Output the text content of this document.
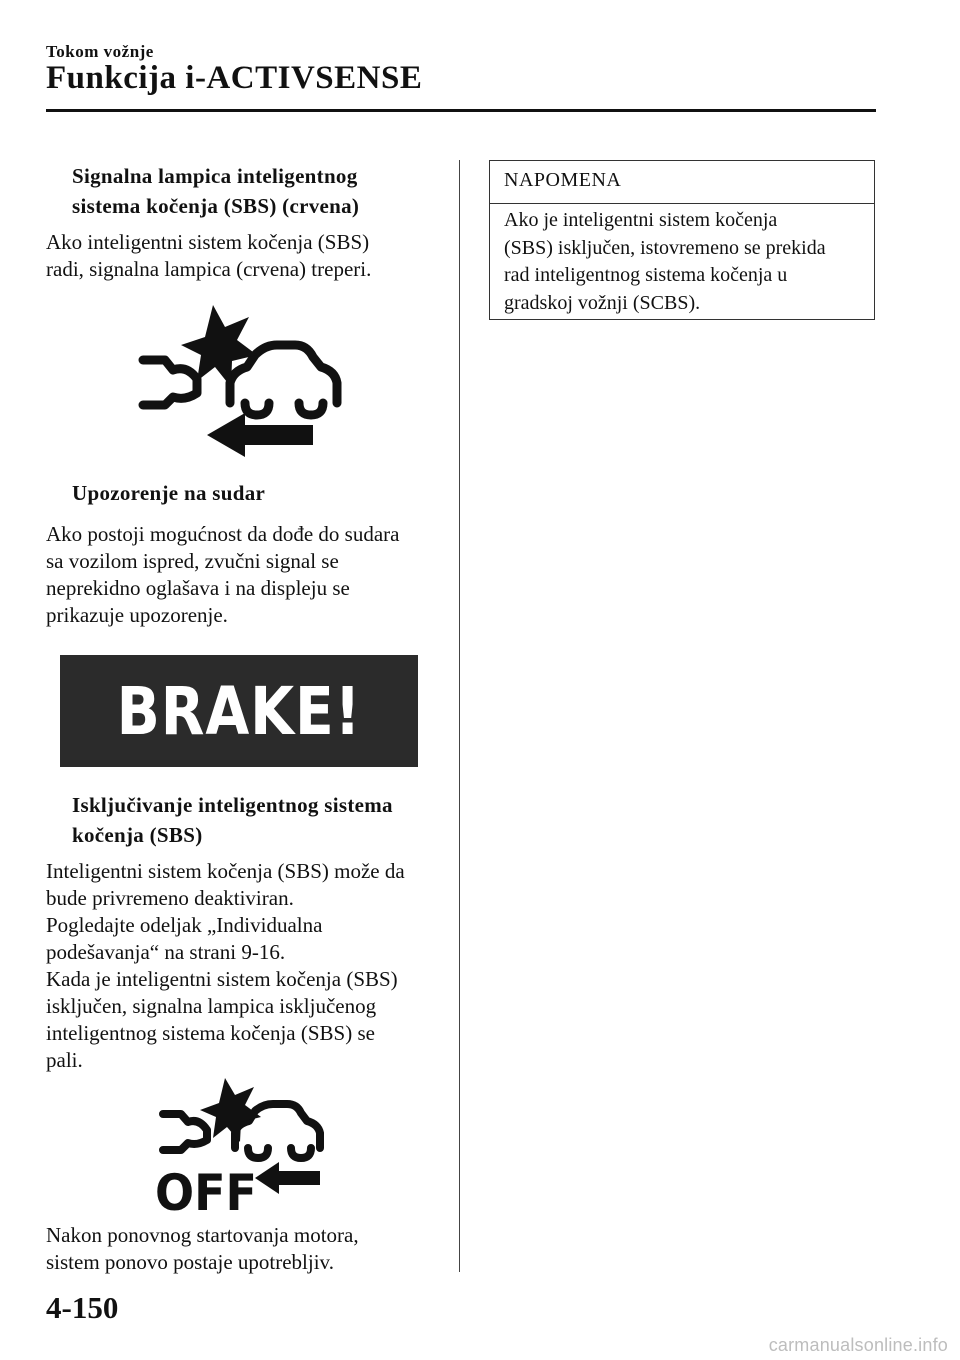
Tokom vožnje
Funkcija i-ACTIVSENSE
Signalna lampica inteligentnog
sistema kočenja (SBS) (crvena)
Ako inteligentni sistem kočenja (SBS)
radi, signalna lampica (crvena) treperi.
Upozorenje na sudar
Ako postoji mogućnost da dođe do sudara
sa vozilom ispred, zvučni signal se
neprekidno oglašava i na displeju se
prikazuje upozorenje.
BRAKE!
Isključivanje inteligentnog sistema
kočenja (SBS)
Inteligentni sistem kočenja (SBS) može da
bude privremeno deaktiviran.
Pogledajte odeljak „Individualna
podešavanja“ na strani 9-16.
Kada je inteligentni sistem kočenja (SBS)
isključen, signalna lampica isključenog
inteligentnog sistema kočenja (SBS) se
pali.
OFF
Nakon ponovnog startovanja motora,
sistem ponovo postaje upotrebljiv.
NAPOMENA
Ako je inteligentni sistem kočenja
(SBS) isključen, istovremeno se prekida
rad inteligentnog sistema kočenja u
gradskoj vožnji (SCBS).
4-150
carmanualsonline.info
